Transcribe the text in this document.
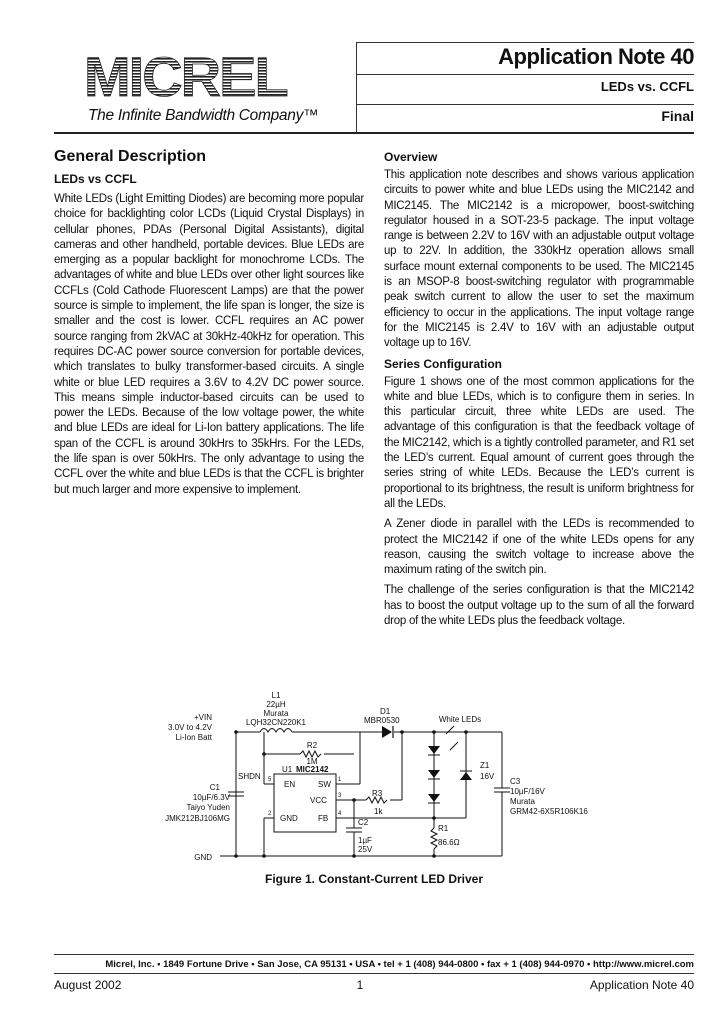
MICREL
The Infinite Bandwidth Company™
Application Note 40
LEDs vs. CCFL
Final
General Description
LEDs vs CCFL

White LEDs (Light Emitting Diodes) are becoming more popular choice for backlighting color LCDs (Liquid Crystal Displays) in cellular phones, PDAs (Personal Digital Assistants), digital cameras and other handheld, portable devices. Blue LEDs are emerging as a popular backlight for monochrome LCDs. The advantages of white and blue LEDs over other light sources like CCFLs (Cold Cathode Fluorescent Lamps) are that the power source is simple to implement, the life span is longer, the size is smaller and the cost is lower. CCFL requires an AC power source ranging from 2kVAC at 30kHz-40kHz for operation. This requires DC-AC power source conversion for portable devices, which translates to bulky transformer-based circuits. A single white or blue LED requires a 3.6V to 4.2V DC power source. This means simple inductor-based circuits can be used to power the LEDs. Because of the low voltage power, the white and blue LEDs are ideal for Li-Ion battery applications. The life span of the CCFL is around 30kHrs to 35kHrs. For the LEDs, the life span is over 50kHrs. The only advantage to using the CCFL over the white and blue LEDs is that the CCFL is brighter but much larger and more expensive to implement.

Overview

This application note describes and shows various application circuits to power white and blue LEDs using the MIC2142 and MIC2145. The MIC2142 is a micropower, boost-switching regulator housed in a SOT-23-5 package. The input voltage range is between 2.2V to 16V with an adjustable output voltage up to 22V. In addition, the 330kHz operation allows small surface mount external components to be used. The MIC2145 is an MSOP-8 boost-switching regulator with programmable peak switch current to allow the user to set the maximum efficiency to occur in the applications. The input voltage range for the MIC2145 is 2.4V to 16V with an adjustable output voltage up to 16V.

Series Configuration

Figure 1 shows one of the most common applications for the white and blue LEDs, which is to configure them in series. In this particular circuit, three white LEDs are used. The advantage of this configuration is that the feedback voltage of the MIC2142, which is a tightly controlled parameter, and R1 set the LED’s current. Equal amount of current goes through the series string of white LEDs. Because the LED’s current is proportional to its brightness, the result is uniform brightness for all the LEDs.

A Zener diode in parallel with the LEDs is recommended to protect the MIC2142 if one of the white LEDs opens for any reason, causing the switch voltage to increase above the maximum rating of the switch pin.

The challenge of the series configuration is that the MIC2142 has to boost the output voltage up to the sum of all the forward drop of the white LEDs plus the feedback voltage.

+VIN
3.0V to 4.2V
Li-Ion Batt
GND
L1
22µH
Murata
LQH32CN220K1
D1
MBR0530	White LEDs
Z1
16V
R2
1M
U1 MIC2142
EN	SW
VCC
GND	FB
5	1
3
2	4
SHDN
R3
1k
C1
10µF/6.3V
Taiyo Yuden
JMK212BJ106MG	C2
1µF
25V
C3
10µF/16V
Murata
GRM42-6X5R106K16
R1
86.6Ω
Figure 1. Constant-Current LED Driver
Micrel, Inc. • 1849 Fortune Drive • San Jose, CA 95131 • USA • tel + 1 (408) 944-0800 • fax + 1 (408) 944-0970 • http://www.micrel.com
August 2002	1	Application Note 40
